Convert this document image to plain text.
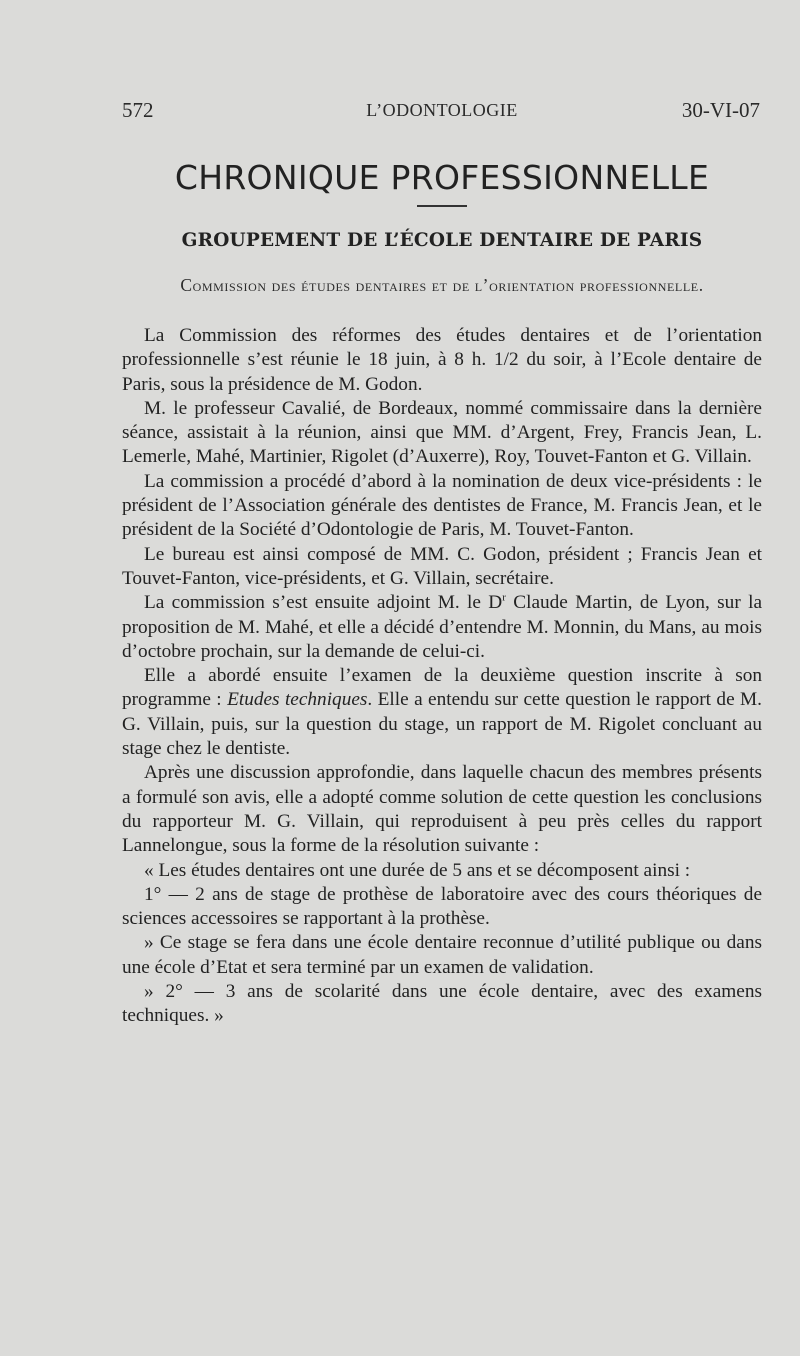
572	L’ODONTOLOGIE	30-VI-07
CHRONIQUE PROFESSIONNELLE
GROUPEMENT DE L’ÉCOLE DENTAIRE DE PARIS
Commission des études dentaires et de l’orientation professionnelle.

La Commission des réformes des études dentaires et de l’orientation professionnelle s’est réunie le 18 juin, à 8 h. 1/2 du soir, à l’Ecole dentaire de Paris, sous la présidence de M. Godon.

M. le professeur Cavalié, de Bordeaux, nommé commissaire dans la dernière séance, assistait à la réunion, ainsi que MM. d’Argent, Frey, Francis Jean, L. Lemerle, Mahé, Martinier, Rigolet (d’Auxerre), Roy, Touvet-Fanton et G. Villain.

La commission a procédé d’abord à la nomination de deux vice-présidents : le président de l’Association générale des dentistes de France, M. Francis Jean, et le président de la Société d’Odontologie de Paris, M. Touvet-Fanton.

Le bureau est ainsi composé de MM. C. Godon, président ; Francis Jean et Touvet-Fanton, vice-présidents, et G. Villain, secrétaire.

La commission s’est ensuite adjoint M. le $D^r$ Claude Martin, de Lyon, sur la proposition de M. Mahé, et elle a décidé d’entendre M. Monnin, du Mans, au mois d’octobre prochain, sur la demande de celui-ci.

Elle a abordé ensuite l’examen de la deuxième question inscrite à son programme : Etudes techniques. Elle a entendu sur cette question le rapport de M. G. Villain, puis, sur la question du stage, un rapport de M. Rigolet concluant au stage chez le dentiste.

Après une discussion approfondie, dans laquelle chacun des membres présents a formulé son avis, elle a adopté comme solution de cette question les conclusions du rapporteur M. G. Villain, qui reproduisent à peu près celles du rapport Lannelongue, sous la forme de la résolution suivante :

« Les études dentaires ont une durée de 5 ans et se décomposent ainsi :

1° — 2 ans de stage de prothèse de laboratoire avec des cours théoriques de sciences accessoires se rapportant à la prothèse.

» Ce stage se fera dans une école dentaire reconnue d’utilité publique ou dans une école d’Etat et sera terminé par un examen de validation.

» 2° — 3 ans de scolarité dans une école dentaire, avec des examens techniques. »
